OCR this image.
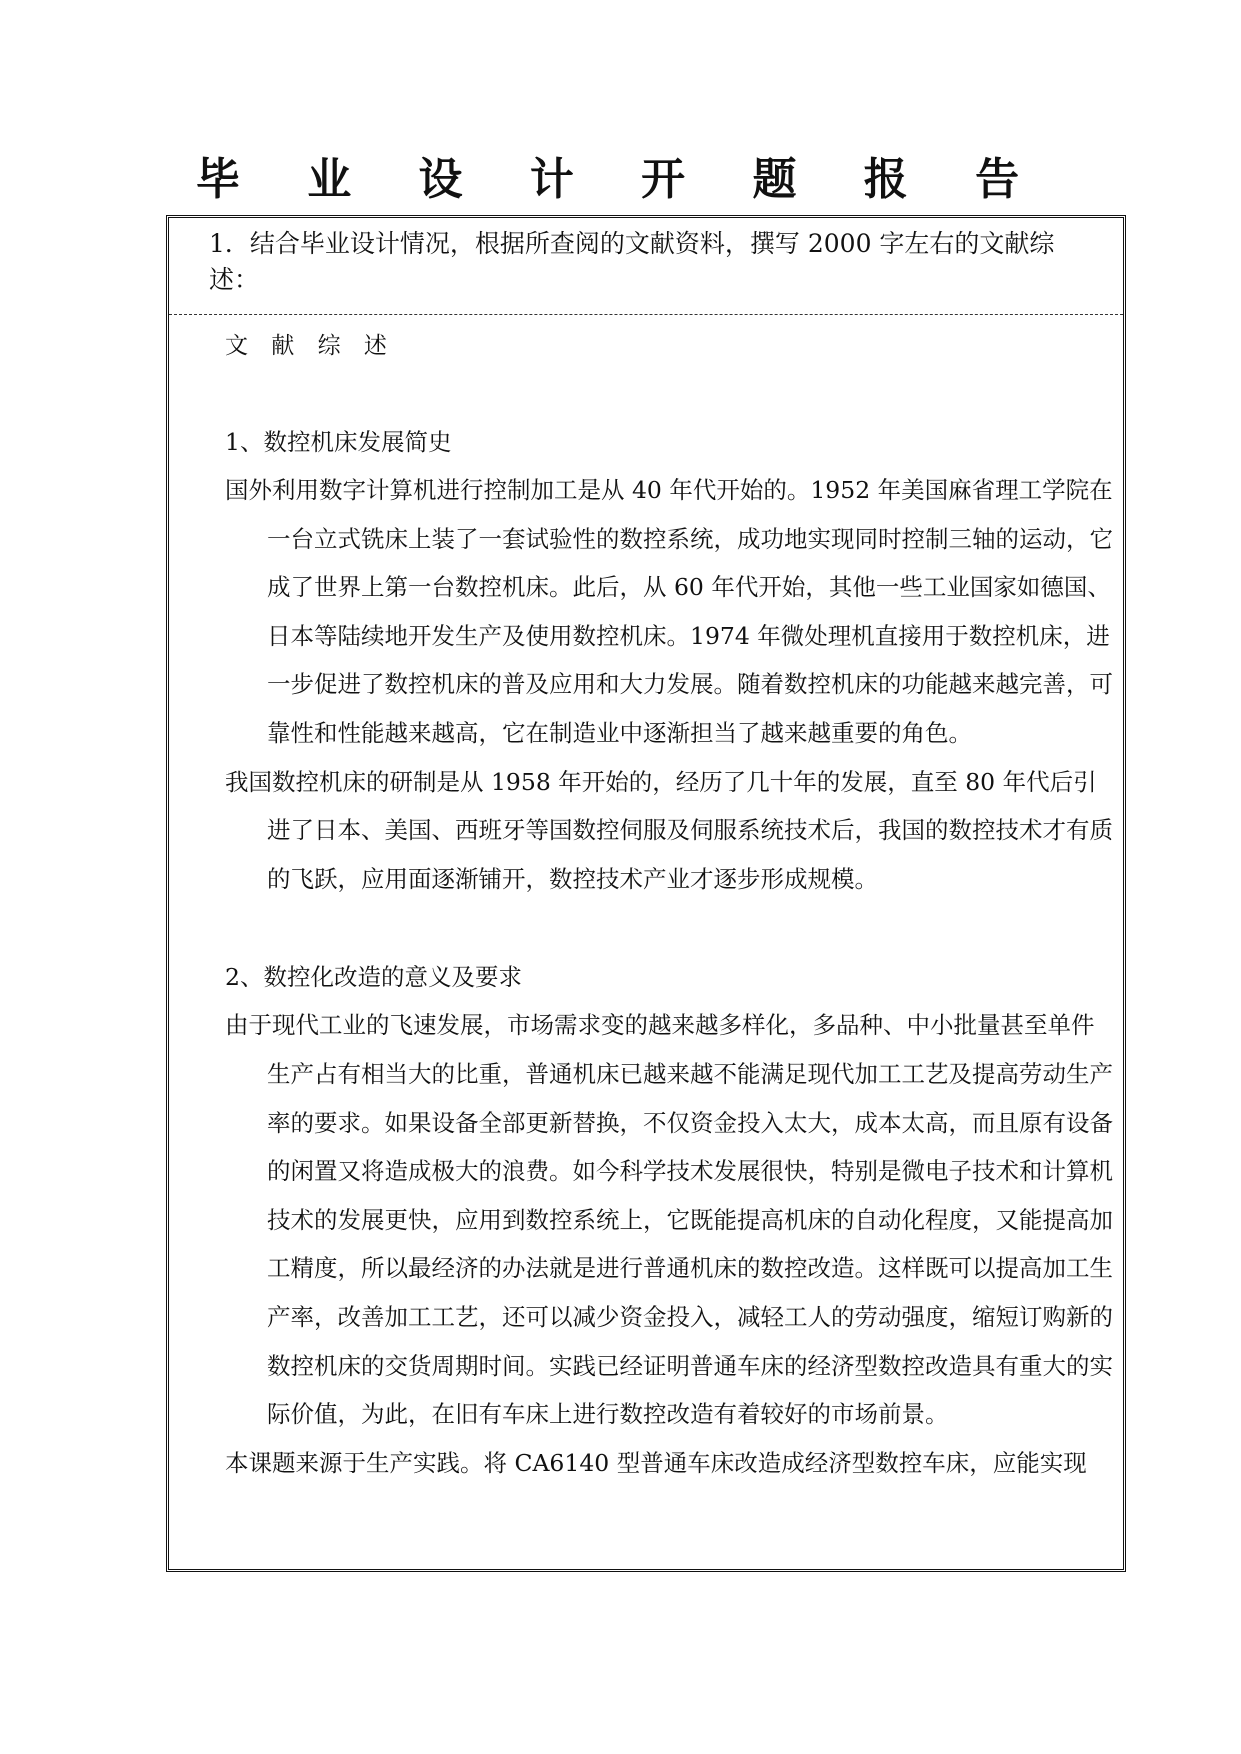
毕 业 设 计 开 题 报 告
1．结合毕业设计情况，根据所查阅的文献资料，撰写 2000 字左右的文献综述：
文 献 综 述

1、数控机床发展简史

国外利用数字计算机进行控制加工是从 40 年代开始的。1952 年美国麻省理工学院在一台立式铣床上装了一套试验性的数控系统，成功地实现同时控制三轴的运动，它成了世界上第一台数控机床。此后，从 60 年代开始，其他一些工业国家如德国、日本等陆续地开发生产及使用数控机床。1974 年微处理机直接用于数控机床，进一步促进了数控机床的普及应用和大力发展。随着数控机床的功能越来越完善，可靠性和性能越来越高，它在制造业中逐渐担当了越来越重要的角色。

我国数控机床的研制是从 1958 年开始的，经历了几十年的发展，直至 80 年代后引进了日本、美国、西班牙等国数控伺服及伺服系统技术后，我国的数控技术才有质的飞跃，应用面逐渐铺开，数控技术产业才逐步形成规模。

2、数控化改造的意义及要求

由于现代工业的飞速发展，市场需求变的越来越多样化，多品种、中小批量甚至单件生产占有相当大的比重，普通机床已越来越不能满足现代加工工艺及提高劳动生产率的要求。如果设备全部更新替换，不仅资金投入太大，成本太高，而且原有设备的闲置又将造成极大的浪费。如今科学技术发展很快，特别是微电子技术和计算机技术的发展更快，应用到数控系统上，它既能提高机床的自动化程度，又能提高加工精度，所以最经济的办法就是进行普通机床的数控改造。这样既可以提高加工生产率，改善加工工艺，还可以减少资金投入，减轻工人的劳动强度，缩短订购新的数控机床的交货周期时间。实践已经证明普通车床的经济型数控改造具有重大的实际价值，为此，在旧有车床上进行数控改造有着较好的市场前景。

本课题来源于生产实践。将 CA6140 型普通车床改造成经济型数控车床，应能实现
